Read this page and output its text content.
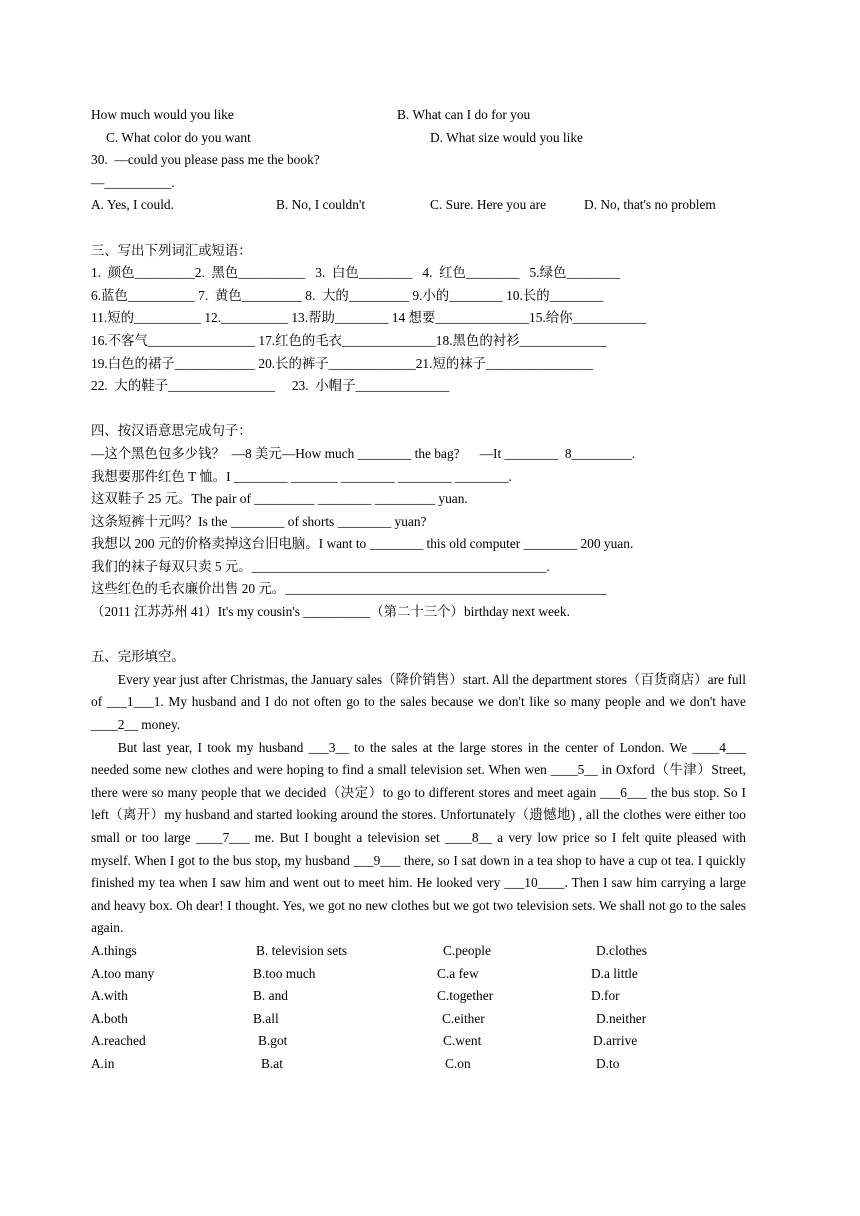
How much would you like

	B. What can I do for you

C. What color do you want

	D. What size would you like

30.  —could you please pass me the book?
—__________.

A. Yes, I could.

	B. No, I couldn't

	C. Sure. Here you are

	D. No, that's no problem

三、写出下列词汇或短语：
1.  颜色_________2.  黑色__________   3.  白色________   4.  红色________   5.绿色________
6.蓝色__________ 7.  黄色_________ 8.  大的_________ 9.小的________ 10.长的________
11.短的__________ 12.__________ 13.帮助________ 14 想要______________15.给你___________
16.不客气________________ 17.红色的毛衣______________18.黑色的衬衫_____________
19.白色的裙子____________ 20.长的裤子_____________21.短的袜子________________
22.  大的鞋子________________     23.  小帽子______________
四、按汉语意思完成句子：
—这个黑色包多少钱？  —8 美元—How much ________ the bag?      —It ________  8_________.
我想要那件红色 T 恤。I ________ _______ ________ ________ ________.
这双鞋子 25 元。The pair of _________ ________ _________ yuan.
这条短裤十元吗？Is the ________ of shorts ________ yuan?
我想以 200 元的价格卖掉这台旧电脑。I want to ________ this old computer ________ 200 yuan.
我们的袜子每双只卖 5 元。____________________________________________.
这些红色的毛衣廉价出售 20 元。________________________________________________
（2011 江苏苏州 41）It's my cousin's __________（第二十三个）birthday next week.
五、完形填空。
Every year just after Christmas, the January sales（降价销售）start. All the department stores（百货商店）are full of ___1___1. My husband and I do not often go to the sales because we don't like so many people and we don't have ____2__ money.
But last year, I took my husband ___3__ to the sales at the large stores in the center of London. We ____4___ needed some new clothes and were hoping to find a small television set. When wen ____5__ in Oxford（牛津）Street, there were so many people that we decided（决定）to go to different stores and meet again ___6___ the bus stop. So I left（离开）my husband and started looking around the stores. Unfortunately（遗憾地) , all the clothes were either too small or too large ____7___ me. But I bought a television set ____8__ a very low price so I felt quite pleased with myself. When I got to the bus stop, my husband ___9___ there, so I sat down in a tea shop to have a cup ot tea. I quickly finished my tea when I saw him and went out to meet him. He looked very ___10____. Then I saw him carrying a large and heavy box. Oh dear! I thought. Yes, we got no new clothes but we got two television sets. We shall not go to the sales again.

A.things

	B. television sets

	C.people

	D.clothes

A.too many

	B.too much

	C.a few

	D.a little

A.with

	B. and

	C.together

	D.for

A.both

	B.all

	C.either

	D.neither

A.reached

	B.got

	C.went

	D.arrive

A.in

	B.at

	C.on

	D.to
